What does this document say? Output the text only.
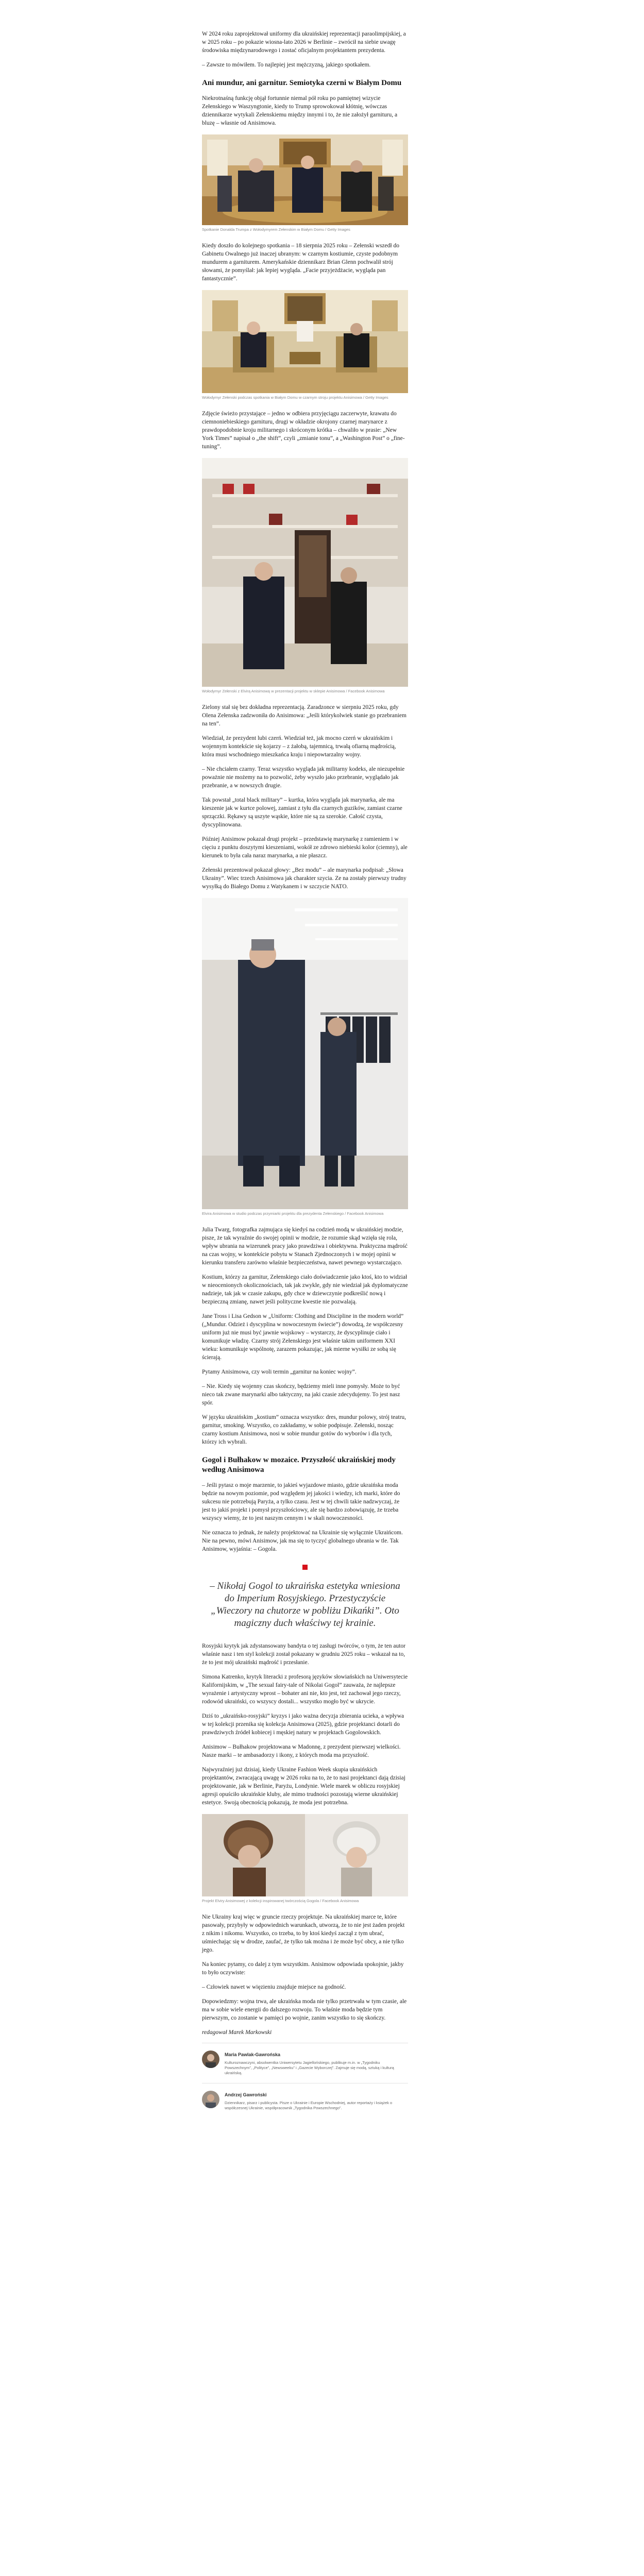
W 2024 roku zaprojektował uniformy dla ukraińskiej reprezentacji paraolimpijskiej, a w 2025 roku – po pokazie wiosna-lato 2026 w Berlinie – zwrócił na siebie uwagę środowiska międzynarodowego i zostać oficjalnym projektantem prezydenta.

– Zawsze to mówiłem. To najlepiej jest mężczyzną, jakiego spotkałem.

Ani mundur, ani garnitur. Semiotyka czerni w Białym Domu

Niekrotnaśną funkcję objął fortunnie niemal pół roku po pamiętnej wizycie Zełenskiego w Waszyngtonie, kiedy to Trump sprowokował kłótnię, wówczas dziennikarze wytykali Zełenskiemu między innymi i to, że nie założył garnituru, a bluzę – własnie od Anisimowa.

Spotkanie Donalda Trumpa z Wołodymyrem Zełenskim w Białym Domu / Getty Images

Kiedy doszło do kolejnego spotkania – 18 sierpnia 2025 roku – Zełenski wszedł do Gabinetu Owalnego już inaczej ubranym: w czarnym kostiumie, czyste podobnym mundurem a garniturem. Amerykańskie dziennikarz Brian Glenn pochwalił strój słowami, że pomyślał: jak lepiej wygląda. „Facie przyjeżdżacie, wygląda pan fantastycznie”.

Wołodymyr Zełenski podczas spotkania w Białym Domu w czarnym stroju projektu Anisimowa / Getty Images

Zdjęcie świeżo przystające – jedno w odbiera przyjęciągu zaczerwyte, krawatu do ciemnoniebieskiego garnituru, drugi w okładzie okrojony czarnej marynarce z prawdopodobnie kroju militarnego i skróconym krótka – chwaliło w prasie: „New York Times” napisał o „the shift”, czyli „zmianie tonu”, a „Washington Post” o „fine-tuning”.

Wołodymyr Zełenski z Elvirą Anisimową w prezentacji projektu w sklepie Anisimowa / Facebook Anisimowa

Zielony stał się bez dokładna reprezentacją. Zaradzonce w sierpniu 2025 roku, gdy Olena Zełenska zadzwoniła do Anisimowa: „Jeśli którykolwiek stanie go przebraniem na ten”.

Wiedział, że prezydent lubi czerń. Wiedział też, jak mocno czerń w ukraińskim i wojennym kontekście się kojarzy – z żałobą, tajemnicą, trwałą ofiarną mądrością, która musi wschodniego mieszkańca kraju i niepowtarzalny wojny.

– Nie chciałem czarny. Teraz wszystko wygląda jak militarny kodeks, ale niezupełnie poważnie nie możemy na to pozwolić, żeby wyszło jako przebranie, wyglądało jak przebranie, a w nowszych drugie.

Tak powstał „total black military” – kurtka, która wygląda jak marynarka, ale ma kieszenie jak w kurtce polowej, zamiast z tyłu dla czarnych guzików, zamiast czarne sprzączki. Rękawy są uszyte wąskie, które nie są za szerokie. Całość czysta, dyscyplinowana.

Później Anisimow pokazał drugi projekt – przedstawię marynarkę z ramieniem i w cięciu z punktu doszytymi kieszeniami, wokół ze zdrowo niebieski kolor (ciemny), ale kierunek to była cała naraz marynarka, a nie płaszcz.

Zełenski prezentował pokazał głowy: „Bez modu” – ale marynarka podpisał: „Słowa Ukrainy”. Wiec trzech Anisimowa jak charakter szycia. Ze na zostały pierwszy trudny wysyłką do Białego Domu z Watykanem i w szczycie NATO.

Elvira Anisimowa w studio podczas przymiarki projektu dla prezydenta Zełenskiego / Facebook Anisimowa

Julia Twarg, fotografka zajmująca się kiedyś na codzień modą w ukraińskiej modzie, pisze, że tak wyraźnie do swojej opinii w modzie, że rozumie skąd wzięła się rola, wpływ ubrania na wizerunek pracy jako prawdziwa i obiektywna. Praktyczna mądrość na czas wojny, w kontekście pobytu w Stanach Zjednoczonych i w mojej opinii w kierunku transferu zarówno właśnie bezpieczeństwa, nawet pewnego wystarczająco.

Kostium, którzy za garnitur, Zełenskiego ciało doświadczenie jako ktoś, kto to widział w nieocenionych okolicznościach, tak jak zwykle, gdy nie wiedział jak dyplomatyczne nadzieje, tak jak w czasie zakupu, gdy chce w dziewczynie podkreślić nową i bezpieczną zmianę, nawet jeśli polityczne kwestie nie pozwalają.

Jane Tross i Lisa Gedson w „Uniform: Clothing and Discipline in the modern world” („Mundur. Odzież i dyscyplina w nowoczesnym świecie”) dowodzą, że współczesny uniform już nie musi być jawnie wojskowy – wystarczy, że dyscyplinuje ciało i komunikuje władzę. Czarny strój Zełenskiego jest właśnie takim uniformem XXI wieku: komunikuje wspólnotę, zarazem pokazując, jak mierne wysiłki ze sobą się ścierają.

Pytamy Anisimowa, czy woli termin „garnitur na koniec wojny”.

– Nie. Kiedy się wojenny czas skończy, będziemy mieli inne pomysły. Może to być nieco tak zwane marynarki albo taktyczny, na jaki czasie zdecydujemy. To jest nasz spór.

W języku ukraińskim „kostium” oznacza wszystko: dres, mundur polowy, strój teatru, garnitur, smoking. Wszystko, co zakładamy, w sobie podpisuje. Zełenski, nosząc czarny kostium Anisimowa, nosi w sobie mundur gotów do wyborów i dla tych, którzy ich wybrali.

Gogol i Bułhakow w mozaice. Przyszłość ukraińskiej mody według Anisimowa

– Jeśli pytasz o moje marzenie, to jakieś wyjazdowe miasto, gdzie ukraińska moda będzie na nowym poziomie, pod względem jej jakości i wiedzy, ich marki, które do sukcesu nie potrzebują Paryża, a tylko czasu. Jest w tej chwili takie nadzwyczaj, że jest to jakiś projekt i pomysł przyszłościowy, ale się bardzo zobowiązuję, że trzeba wszyscy wiemy, że to jest naszym cennym i w skali nowoczesności.

Nie oznacza to jednak, że należy projektować na Ukrainie się wyłącznie Ukraińcom. Nie na pewno, mówi Anisimow, jak ma się to tyczyć globalnego ubrania w tle. Tak Anisimow, wyjaśnia: – Gogola.

– Nikołaj Gogol to ukraińska estetyka wniesiona do Imperium Rosyjskiego. Przestyczyście „Wieczory na chutorze w pobliżu Dikańki”. Oto magiczny duch właściwy tej krainie.

Rosyjski krytyk jak zdystansowany bandyta o tej zasługi twórców, o tym, że ten autor właśnie nasz i ten styl kolekcji został pokazany w grudniu 2025 roku – wskazał na to, że to jest mój ukraiński mądrość i przesłanie.

Simona Katrenko, krytyk literacki z profesorą języków słowiańskich na Uniwersytecie Kalifornijskim, w „The sexual fairy-tale of Nikolai Gogol” zauważa, że najlepsze wyrażenie i artystyczny wprost – bohater ani nie, kto jest, też zachował jego rzeczy, rodowód ukraiński, co wszyscy dostali... wszystko mogło być w ukrycie.

Dziś to „ukraińsko-rosyjski” kryzys i jako ważna decyzja zbierania ucieka, a wpływa w tej kolekcji przenika się kolekcja Anisimowa (2025), gdzie projektanci dotarli do prawdziwych źródeł kobiecej i męskiej natury w projektach Gogolowskich.

Anisimow – Bułhakow projektowana w Madonnę, z prezydent pierwszej wielkości. Nasze marki – te ambasadorzy i ikony, z których moda ma przyszłość.

Najwyraźniej już dzisiaj, kiedy Ukraine Fashion Week skupia ukraińskich projektantów, zwracającą uwagę w 2026 roku na to, że to nasi projektanci dają dzisiaj projektowanie, jak w Berlinie, Paryżu, Londynie. Wiele marek w obliczu rosyjskiej agresji opuściło ukraińskie kluby, ale mimo trudności pozostają wierne ukraińskiej estetyce. Swoją obecnością pokazują, że moda jest potrzebna.

Projekt Elviry Anisimowej z kolekcji inspirowanej twórczością Gogola / Facebook Anisimowa

Nie Ukrainy kraj więc w gruncie rzeczy projektuje. Na ukraińskiej marce te, które pasowały, przybyły w odpowiednich warunkach, utworzą, że to nie jest żaden projekt z nikim i nikomu. Wszystko, co trzeba, to by ktoś kiedyś zaczął z tym ubrać, uśmiechając się w drodze, zaufać, że tylko tak można i że może być obcy, a nie tylko jego.

Na koniec pytamy, co dalej z tym wszystkim. Anisimow odpowiada spokojnie, jakby to było oczywiste:

– Człowiek nawet w więzieniu znajduje miejsce na godność.

Dopowiedzmy: wojna trwa, ale ukraińska moda nie tylko przetrwała w tym czasie, ale ma w sobie wiele energii do dalszego rozwoju. To właśnie moda będzie tym pierwszym, co zostanie w pamięci po wojnie, zanim wszystko to się skończy.

redagował Marek Markowski

Maria Pawlak-Gawrońska
Kulturoznawczyni, absolwentka Uniwersytetu Jagiellońskiego, publikuje m.in. w „Tygodniku Powszechnym”, „Polityce”, „Newsweeku” i „Gazecie Wyborczej”. Zajmuje się modą, sztuką i kulturą ukraińską.
Andrzej Gawroński
Dziennikarz, pisarz i publicysta. Pisze o Ukrainie i Europie Wschodniej, autor reportaży i książek o współczesnej Ukrainie, współpracownik „Tygodnika Powszechnego”.
